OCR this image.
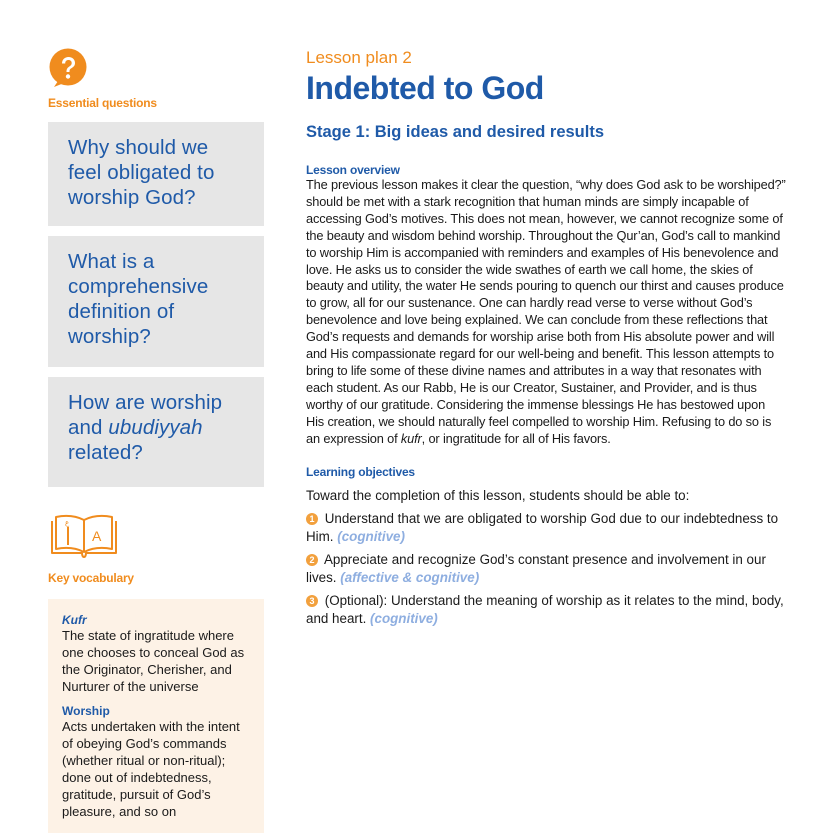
Essential questions
Why should we feel obligated to worship God?
What is a comprehensive definition of worship?
How are worship and ubudiyyah related?
ع
A
Key vocabulary
Kufr
The state of ingratitude where one chooses to conceal God as the Originator, Cherisher, and Nurturer of the universe
Worship
Acts undertaken with the intent of obeying God’s commands (whether ritual or non-ritual); done out of indebtedness, gratitude, pursuit of God’s pleasure, and so on
Lesson plan 2
Indebted to God
Stage 1: Big ideas and desired results
Lesson overview
The previous lesson makes it clear the question, “why does God ask to be worshiped?” should be met with a stark recognition that human minds are simply incapable of accessing God’s motives. This does not mean, however, we cannot recognize some of the beauty and wisdom behind worship. Throughout the Qur’an, God’s call to mankind to worship Him is accompanied with reminders and examples of His benevolence and love. He asks us to consider the wide swathes of earth we call home, the skies of beauty and utility, the water He sends pouring to quench our thirst and causes produce to grow, all for our sustenance. One can hardly read verse to verse without God’s benevolence and love being explained. We can conclude from these reflections that God’s requests and demands for worship arise both from His absolute power and will and His compassionate regard for our well-being and benefit. This lesson attempts to bring to life some of these divine names and attributes in a way that resonates with each student. As our Rabb, He is our Creator, Sustainer, and Provider, and is thus worthy of our gratitude. Considering the immense blessings He has bestowed upon His creation, we should naturally feel compelled to worship Him. Refusing to do so is an expression of kufr, or ingratitude for all of His favors.
Learning objectives
Toward the completion of this lesson, students should be able to:
1 Understand that we are obligated to worship God due to our indebtedness to Him. (cognitive)
2 Appreciate and recognize God’s constant presence and involvement in our lives. (affective & cognitive)
3 (Optional): Understand the meaning of worship as it relates to the mind, body, and heart. (cognitive)
